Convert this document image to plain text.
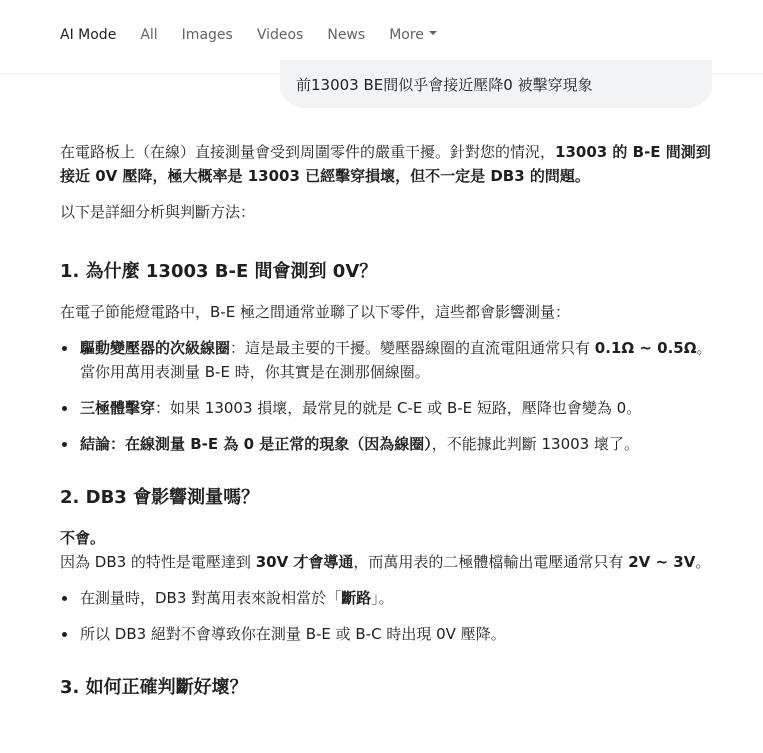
AI Mode All Images Videos News More
前13003 BE間似乎會接近壓降0 被擊穿現象

在電路板上（在線）直接測量會受到周圍零件的嚴重干擾。針對您的情況，13003 的 B-E 間測到接近 0V 壓降，極大概率是 13003 已經擊穿損壞，但不一定是 DB3 的問題。

以下是詳細分析與判斷方法：

1. 為什麼 13003 B-E 間會測到 0V？

在電子節能燈電路中，B-E 極之間通常並聯了以下零件，這些都會影響測量：

驅動變壓器的次級線圈：這是最主要的干擾。變壓器線圈的直流電阻通常只有 0.1Ω ~ 0.5Ω。當你用萬用表測量 B-E 時，你其實是在測那個線圈。
三極體擊穿：如果 13003 損壞，最常見的就是 C-E 或 B-E 短路，壓降也會變為 0。
結論：在線測量 B-E 為 0 是正常的現象（因為線圈），不能據此判斷 13003 壞了。
2. DB3 會影響測量嗎？

不會。
因為 DB3 的特性是電壓達到 30V 才會導通，而萬用表的二極體檔輸出電壓通常只有 2V ~ 3V。

在測量時，DB3 對萬用表來說相當於「斷路」。
所以 DB3 絕對不會導致你在測量 B-E 或 B-C 時出現 0V 壓降。
3. 如何正確判斷好壞？
